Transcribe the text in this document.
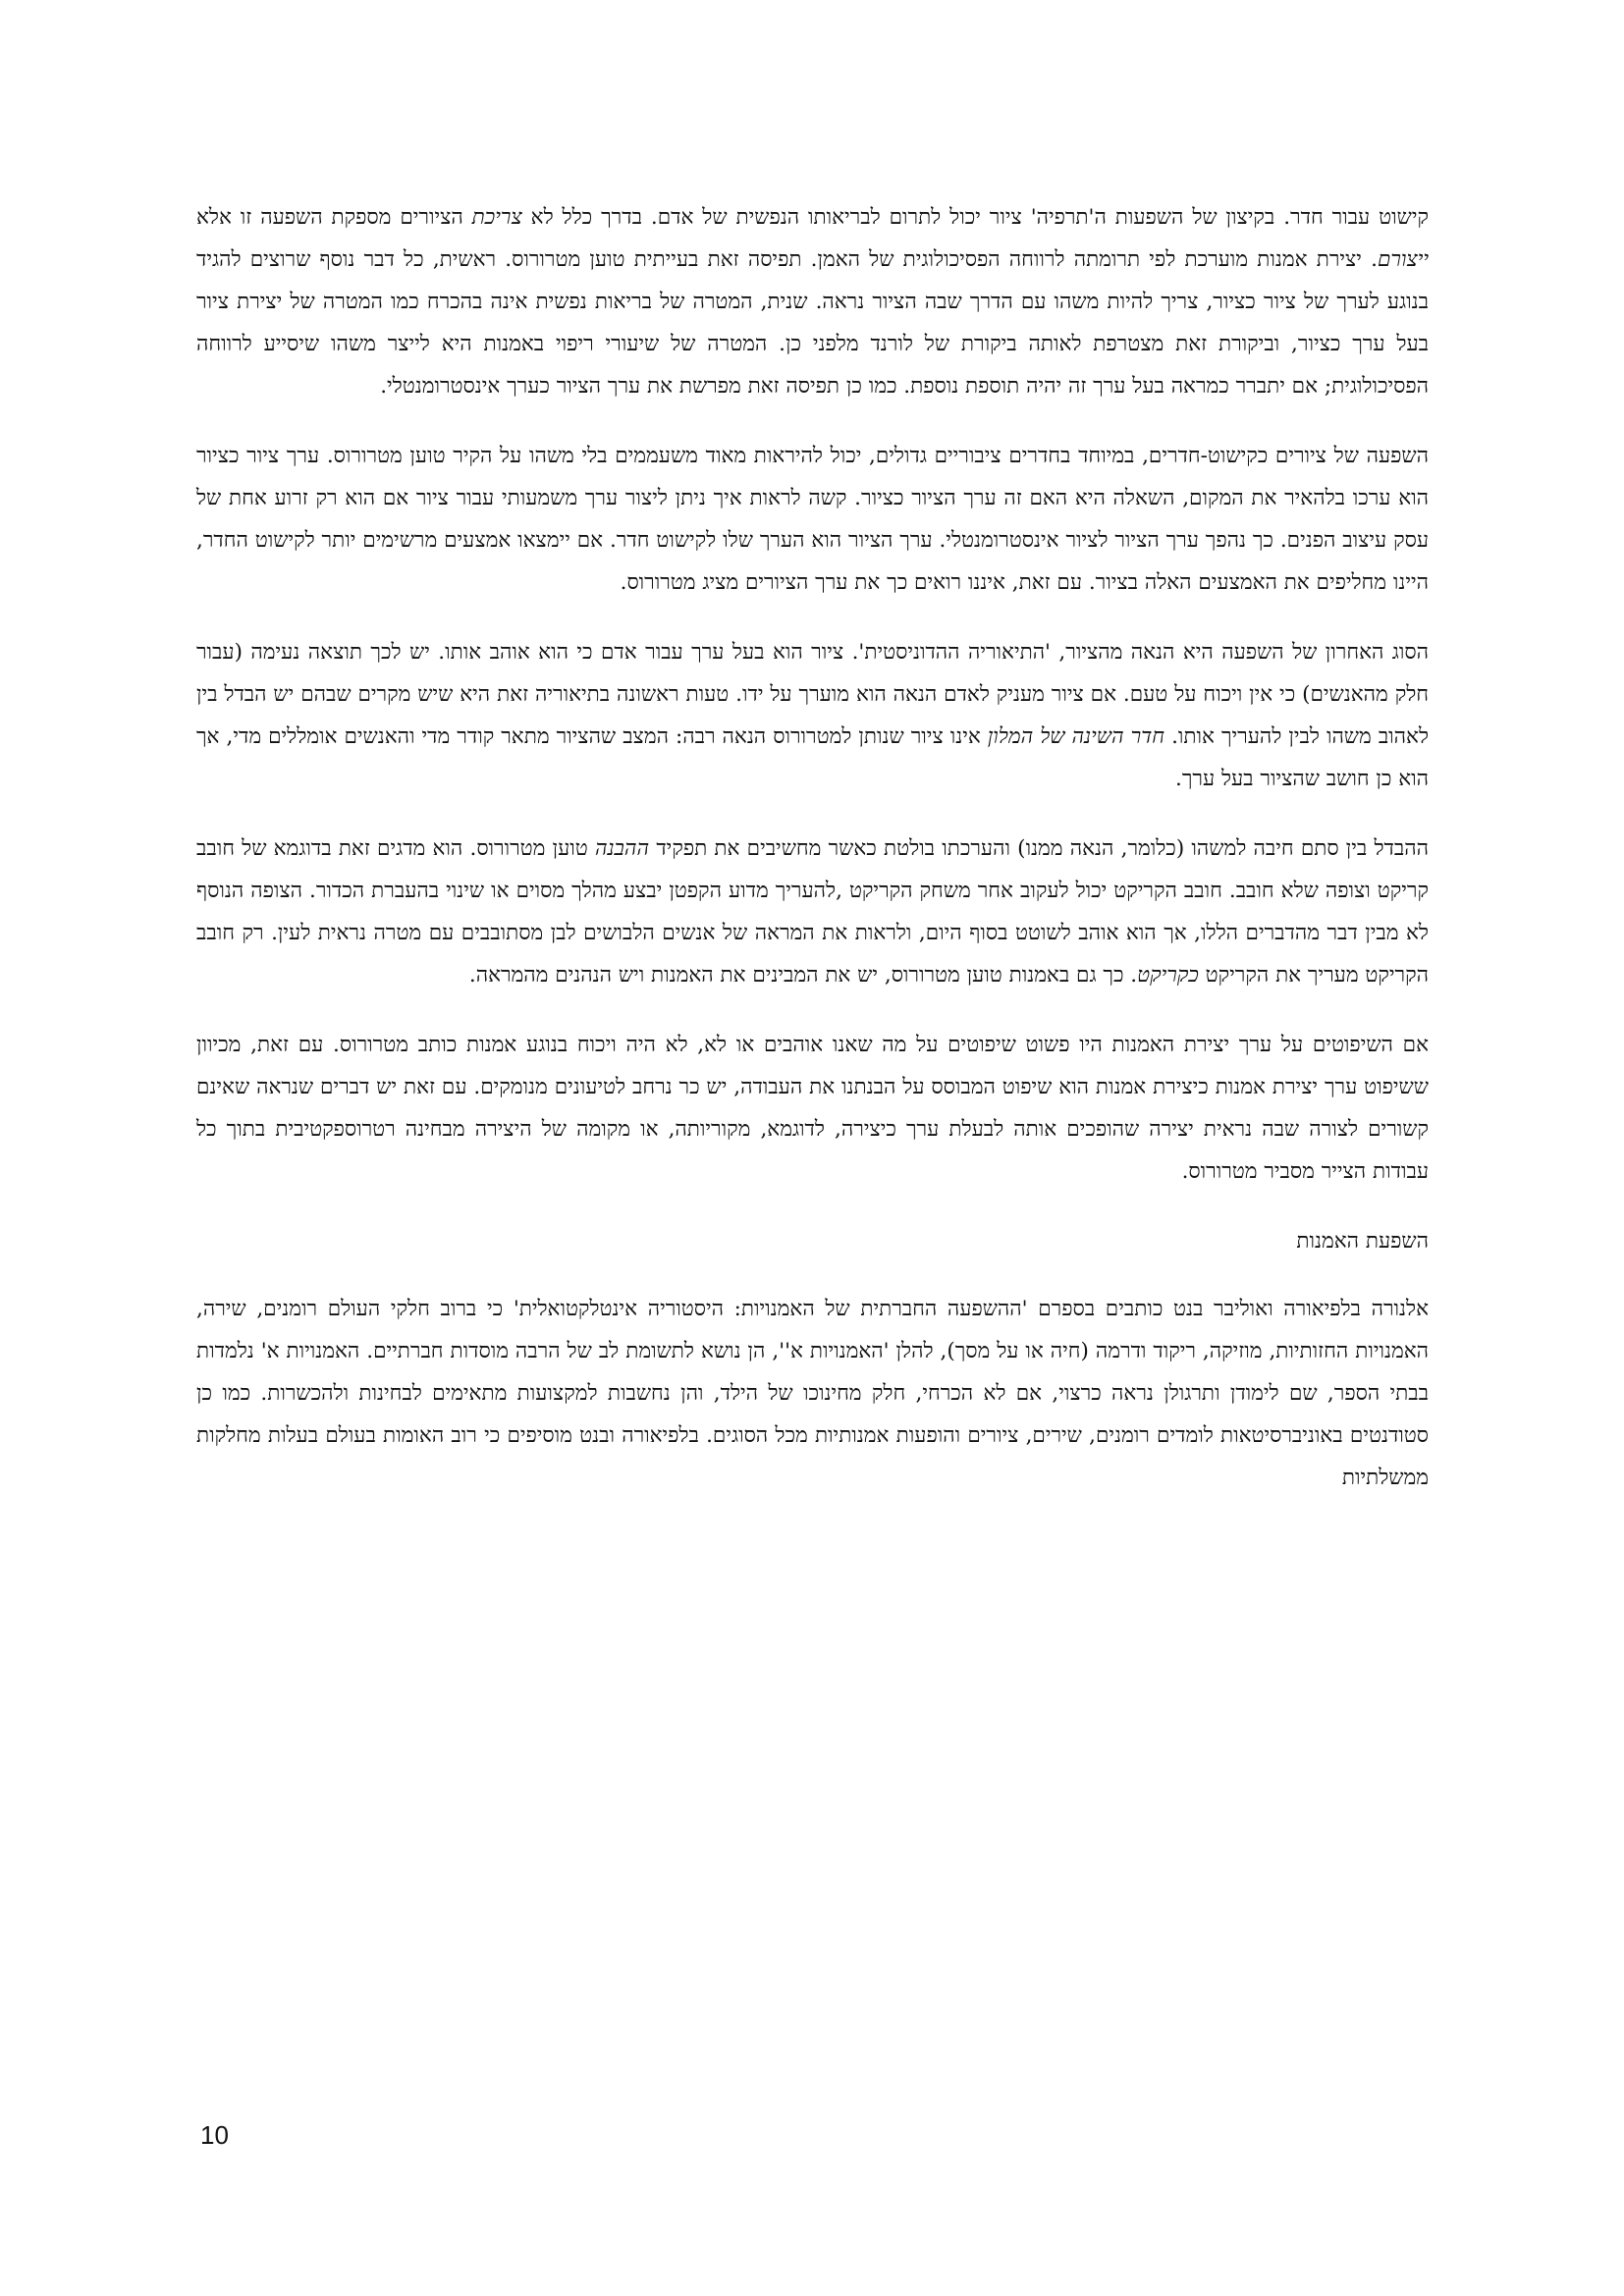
קישוט עבור חדר. בקיצון של השפעות ה'תרפיה' ציור יכול לתרום לבריאותו הנפשית של אדם. בדרך כלל לא צריכת הציורים מספקת השפעה זו אלא ייצורם. יצירת אמנות מוערכת לפי תרומתה לרווחה הפסיכולוגית של האמן. תפיסה זאת בעייתית טוען מטרורוס. ראשית, כל דבר נוסף שרוצים להגיד בנוגע לערך של ציור כציור, צריך להיות משהו עם הדרך שבה הציור נראה. שנית, המטרה של בריאות נפשית אינה בהכרח כמו המטרה של יצירת ציור בעל ערך כציור, וביקורת זאת מצטרפת לאותה ביקורת של לורנד מלפני כן. המטרה של שיעורי ריפוי באמנות היא לייצר משהו שיסייע לרווחה הפסיכולוגית; אם יתברר כמראה בעל ערך זה יהיה תוספת נוספת. כמו כן תפיסה זאת מפרשת את ערך הציור כערך אינסטרומנטלי.

השפעה של ציורים כקישוט-חדרים, במיוחד בחדרים ציבוריים גדולים, יכול להיראות מאוד משעממים בלי משהו על הקיר טוען מטרורוס. ערך ציור כציור הוא ערכו בלהאיר את המקום, השאלה היא האם זה ערך הציור כציור. קשה לראות איך ניתן ליצור ערך משמעותי עבור ציור אם הוא רק זרוע אחת של עסק עיצוב הפנים. כך נהפך ערך הציור לציור אינסטרומנטלי. ערך הציור הוא הערך שלו לקישוט חדר. אם יימצאו אמצעים מרשימים יותר לקישוט החדר, היינו מחליפים את האמצעים האלה בציור. עם זאת, איננו רואים כך את ערך הציורים מציג מטרורוס.

הסוג האחרון של השפעה היא הנאה מהציור, 'התיאוריה ההדוניסטית'. ציור הוא בעל ערך עבור אדם כי הוא אוהב אותו. יש לכך תוצאה נעימה (עבור חלק מהאנשים) כי אין ויכוח על טעם. אם ציור מעניק לאדם הנאה הוא מוערך על ידו. טעות ראשונה בתיאוריה זאת היא שיש מקרים שבהם יש הבדל בין לאהוב משהו לבין להעריך אותו. חדר השינה של המלון אינו ציור שנותן למטרורוס הנאה רבה: המצב שהציור מתאר קודר מדי והאנשים אומללים מדי, אך הוא כן חושב שהציור בעל ערך.

ההבדל בין סתם חיבה למשהו (כלומר, הנאה ממנו) והערכתו בולטת כאשר מחשיבים את תפקיד ההבנה טוען מטרורוס. הוא מדגים זאת בדוגמא של חובב קריקט וצופה שלא חובב. חובב הקריקט יכול לעקוב אחר משחק הקריקט ,להעריך מדוע הקפטן יבצע מהלך מסוים או שינוי בהעברת הכדור. הצופה הנוסף לא מבין דבר מהדברים הללו, אך הוא אוהב לשוטט בסוף היום, ולראות את המראה של אנשים הלבושים לבן מסתובבים עם מטרה נראית לעין. רק חובב הקריקט מעריך את הקריקט כקריקט. כך גם באמנות טוען מטרורוס, יש את המבינים את האמנות ויש הנהנים מהמראה.

אם השיפוטים על ערך יצירת האמנות היו פשוט שיפוטים על מה שאנו אוהבים או לא, לא היה ויכוח בנוגע אמנות כותב מטרורוס. עם זאת, מכיוון ששיפוט ערך יצירת אמנות כיצירת אמנות הוא שיפוט המבוסס על הבנתנו את העבודה, יש כר נרחב לטיעונים מנומקים. עם זאת יש דברים שנראה שאינם קשורים לצורה שבה נראית יצירה שהופכים אותה לבעלת ערך כיצירה, לדוגמא, מקוריותה, או מקומה של היצירה מבחינה רטרוספקטיבית בתוך כל עבודות הצייר מסביר מטרורוס.

השפעת האמנות

אלנורה בלפיאורה ואוליבר בנט כותבים בספרם 'ההשפעה החברתית של האמנויות: היסטוריה אינטלקטואלית' כי ברוב חלקי העולם רומנים, שירה, האמנויות החזותיות, מוזיקה, ריקוד ודרמה (חיה או על מסך), להלן 'האמנויות א'', הן נושא לתשומת לב של הרבה מוסדות חברתיים. האמנויות א' נלמדות בבתי הספר, שם לימודן ותרגולן נראה כרצוי, אם לא הכרחי, חלק מחינוכו של הילד, והן נחשבות למקצועות מתאימים לבחינות ולהכשרות. כמו כן סטודנטים באוניברסיטאות לומדים רומנים, שירים, ציורים והופעות אמנותיות מכל הסוגים. בלפיאורה ובנט מוסיפים כי רוב האומות בעולם בעלות מחלקות ממשלתיות

10
